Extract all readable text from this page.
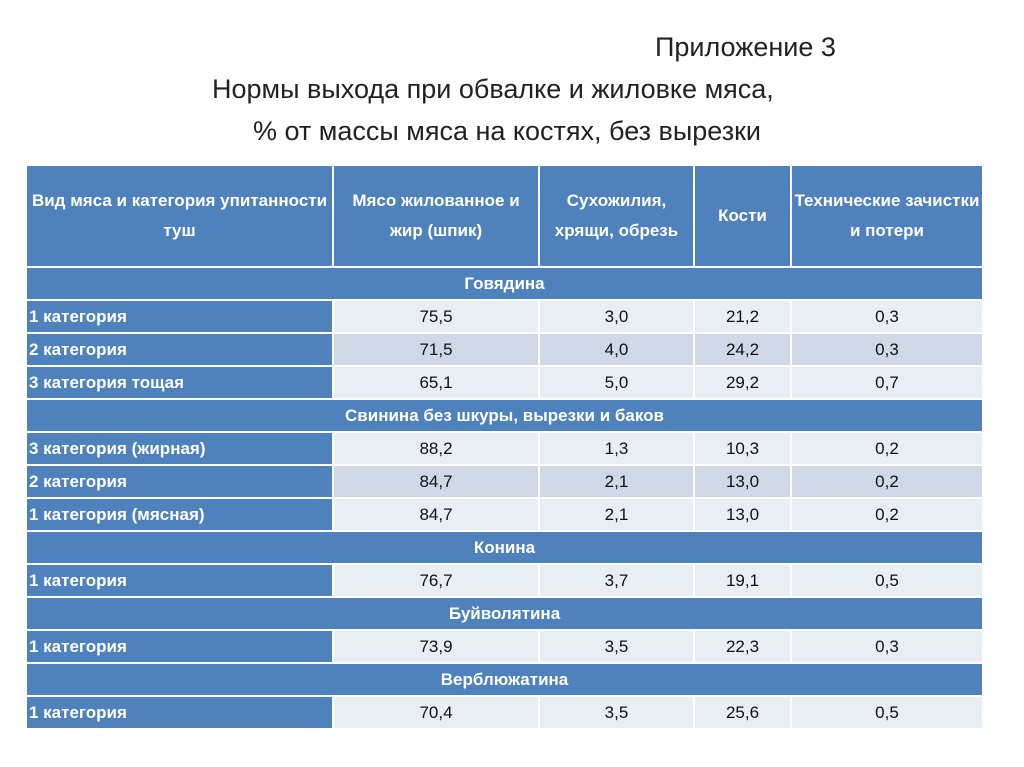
Приложение 3
Нормы выхода при обвалке и жиловке мяса,
% от массы мяса на костях, без вырезки
Вид мяса и категория упитанности туш	Мясо жилованное и жир (шпик)	Сухожилия, хрящи, обрезь	Кости	Технические зачистки и потери
Говядина				
1 категория	75,5	3,0	21,2	0,3
2 категория	71,5	4,0	24,2	0,3
3 категория тощая	65,1	5,0	29,2	0,7
Свинина без шкуры, вырезки и баков				
3 категория (жирная)	88,2	1,3	10,3	0,2
2 категория	84,7	2,1	13,0	0,2
1 категория (мясная)	84,7	2,1	13,0	0,2
Конина				
1 категория	76,7	3,7	19,1	0,5
Буйволятина				
1 категория	73,9	3,5	22,3	0,3
Верблюжатина				
1 категория	70,4	3,5	25,6	0,5
